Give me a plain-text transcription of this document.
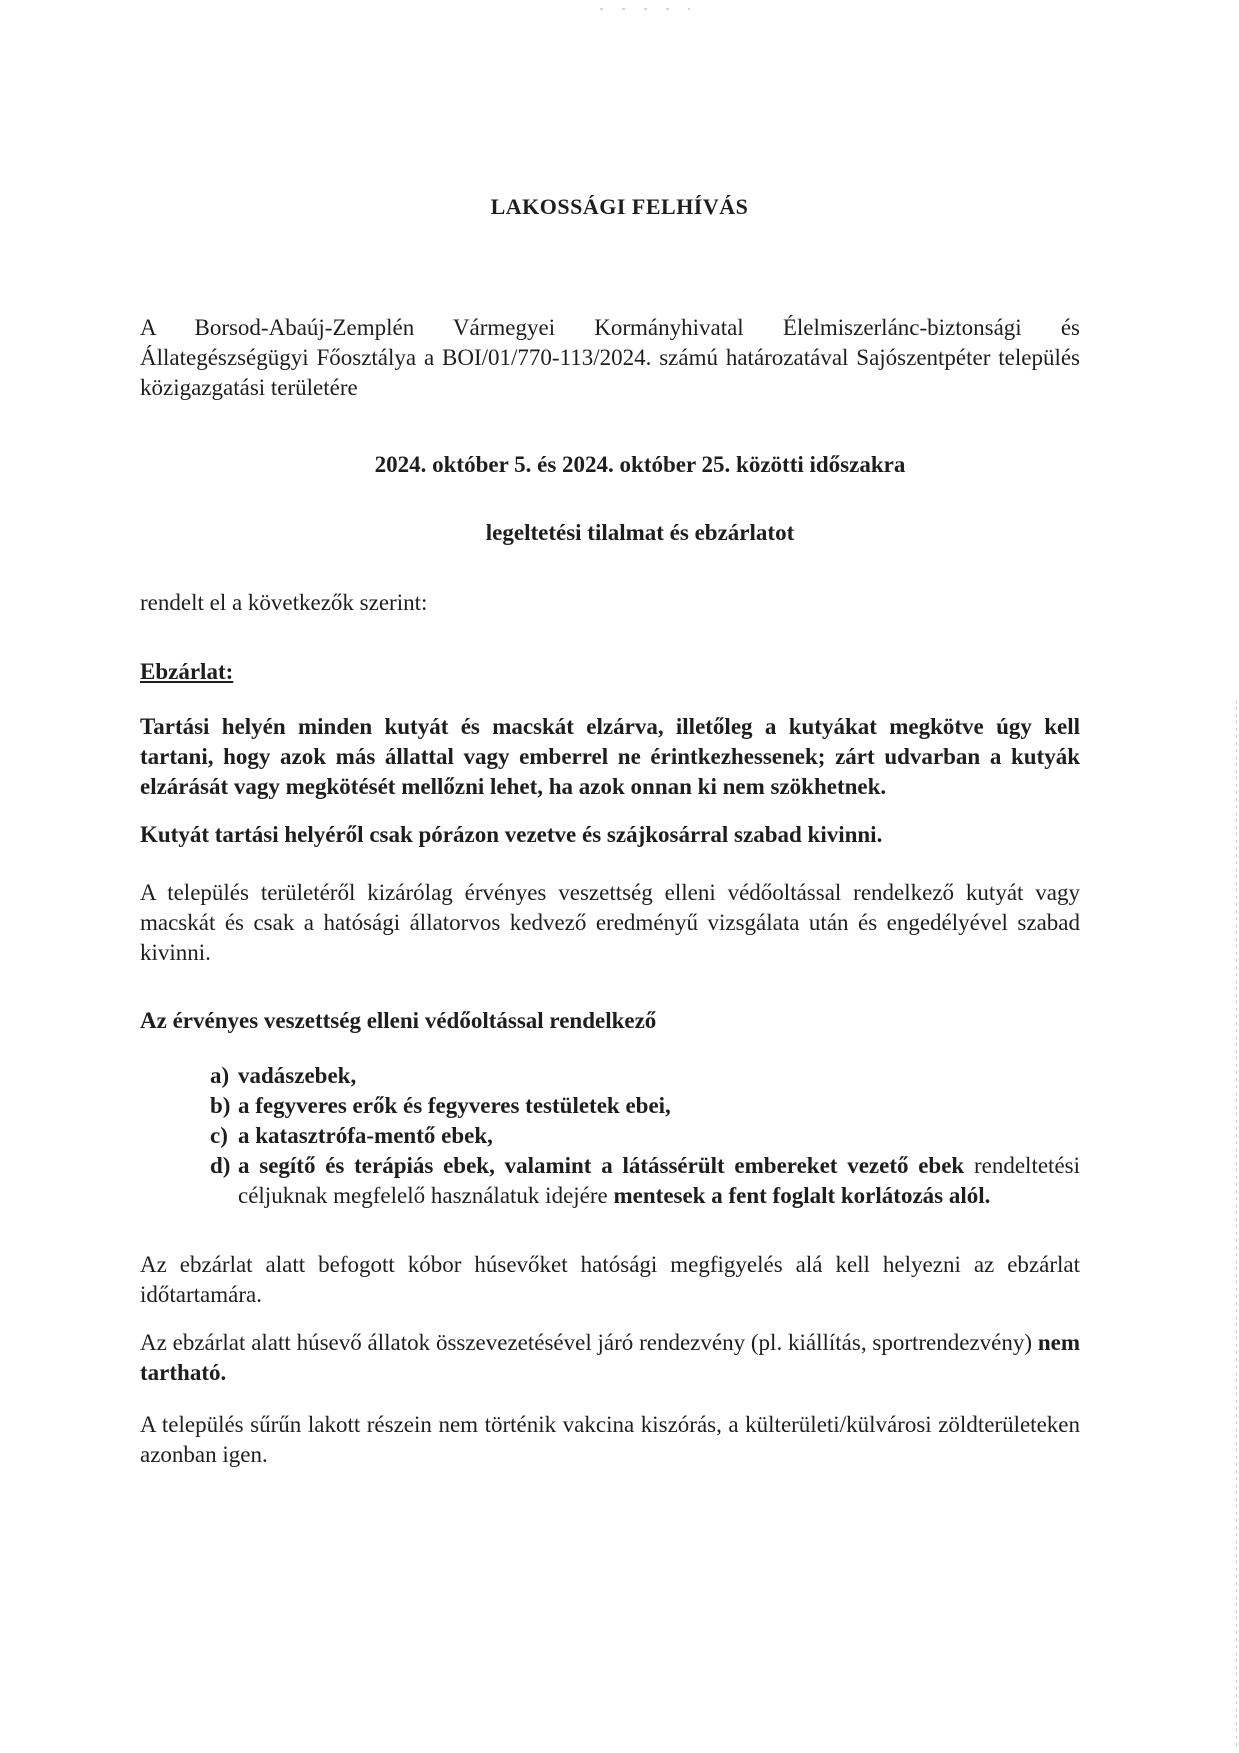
LAKOSSÁGI FELHÍVÁS

A Borsod-Abaúj-Zemplén Vármegyei Kormányhivatal Élelmiszerlánc-biztonsági és Állategészségügyi Főosztálya a BOI/01/770-113/2024. számú határozatával Sajószentpéter település közigazgatási területére

2024. október 5. és 2024. október 25. közötti időszakra
legeltetési tilalmat és ebzárlatot

rendelt el a következők szerint:

Ebzárlat:

Tartási helyén minden kutyát és macskát elzárva, illetőleg a kutyákat megkötve úgy kell tartani, hogy azok más állattal vagy emberrel ne érintkezhessenek; zárt udvarban a kutyák elzárását vagy megkötését mellőzni lehet, ha azok onnan ki nem szökhetnek.

Kutyát tartási helyéről csak pórázon vezetve és szájkosárral szabad kivinni.

A település területéről kizárólag érvényes veszettség elleni védőoltással rendelkező kutyát vagy macskát és csak a hatósági állatorvos kedvező eredményű vizsgálata után és engedélyével szabad kivinni.

Az érvényes veszettség elleni védőoltással rendelkező

a) vadászebek,
b) a fegyveres erők és fegyveres testületek ebei,
c) a katasztrófa-mentő ebek,
d) a segítő és terápiás ebek, valamint a látássérült embereket vezető ebek rendeltetési céljuknak megfelelő használatuk idejére mentesek a fent foglalt korlátozás alól.

Az ebzárlat alatt befogott kóbor húsevőket hatósági megfigyelés alá kell helyezni az ebzárlat időtartamára.

Az ebzárlat alatt húsevő állatok összevezetésével járó rendezvény (pl. kiállítás, sportrendezvény) nem tartható.

A település sűrűn lakott részein nem történik vakcina kiszórás, a külterületi/külvárosi zöldterületeken azonban igen.
